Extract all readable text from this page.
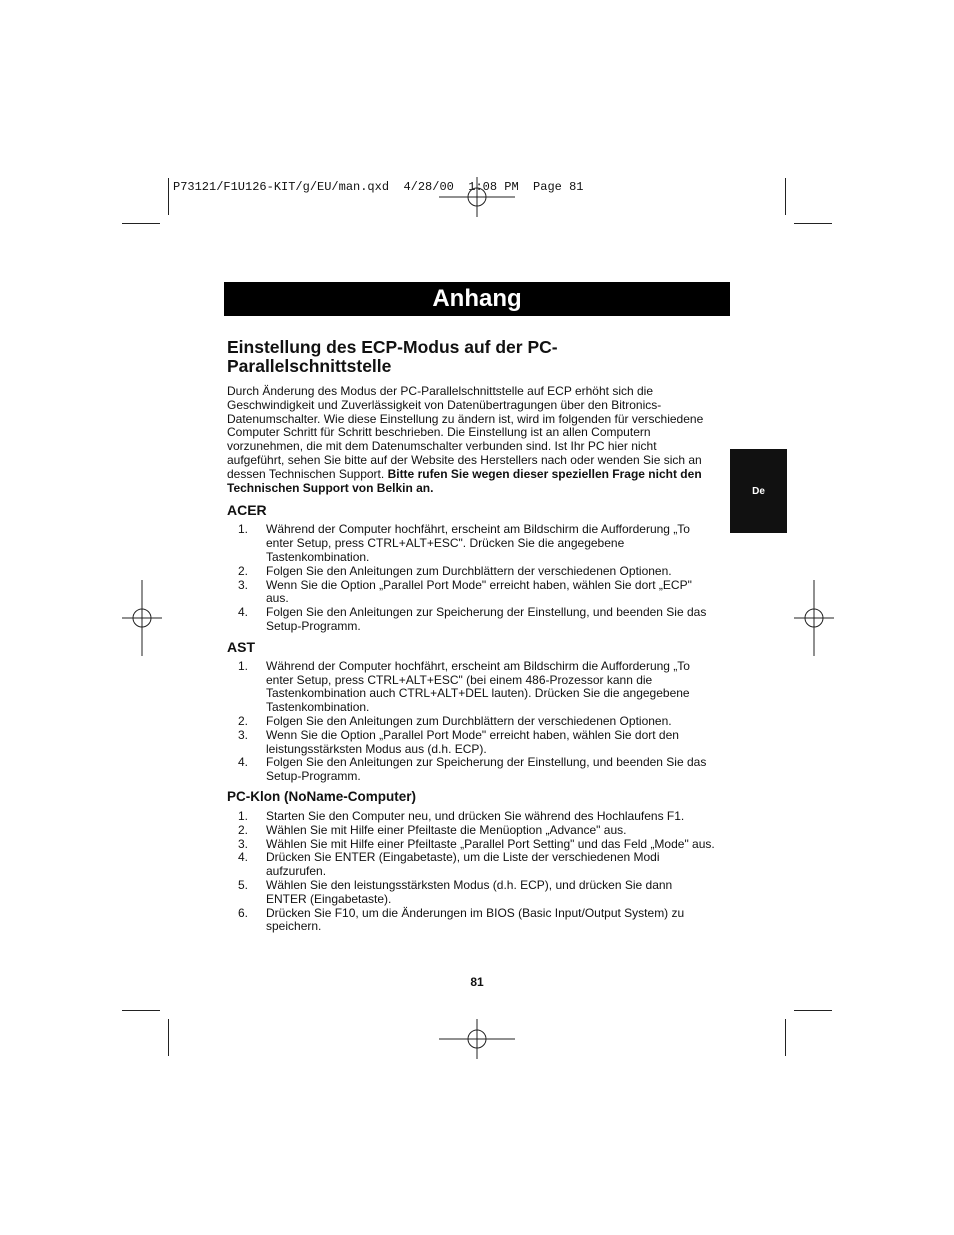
P73121/F1U126-KIT/g/EU/man.qxd  4/28/00  1:08 PM  Page 81
Anhang
De
Einstellung des ECP-Modus auf der PC-Parallelschnittstelle

Durch Änderung des Modus der PC-Parallelschnittstelle auf ECP erhöht sich die Geschwindigkeit und Zuverlässigkeit von Datenübertragungen über den Bitronics-Datenumschalter. Wie diese Einstellung zu ändern ist, wird im folgenden für verschiedene Computer Schritt für Schritt beschrieben. Die Einstellung ist an allen Computern vorzunehmen, die mit dem Datenumschalter verbunden sind. Ist Ihr PC hier nicht aufgeführt, sehen Sie bitte auf der Website des Herstellers nach oder wenden Sie sich an dessen Technischen Support. Bitte rufen Sie wegen dieser speziellen Frage nicht den Technischen Support von Belkin an.

ACER
1. Während der Computer hochfährt, erscheint am Bildschirm die Aufforderung „To enter Setup, press CTRL+ALT+ESC". Drücken Sie die angegebene Tastenkombination.
2. Folgen Sie den Anleitungen zum Durchblättern der verschiedenen Optionen.
3. Wenn Sie die Option „Parallel Port Mode" erreicht haben, wählen Sie dort „ECP" aus.
4. Folgen Sie den Anleitungen zur Speicherung der Einstellung, und beenden Sie das Setup-Programm.
AST
1. Während der Computer hochfährt, erscheint am Bildschirm die Aufforderung „To enter Setup, press CTRL+ALT+ESC" (bei einem 486-Prozessor kann die Tastenkombination auch CTRL+ALT+DEL lauten). Drücken Sie die angegebene Tastenkombination.
2. Folgen Sie den Anleitungen zum Durchblättern der verschiedenen Optionen.
3. Wenn Sie die Option „Parallel Port Mode" erreicht haben, wählen Sie dort den leistungsstärksten Modus aus (d.h. ECP).
4. Folgen Sie den Anleitungen zur Speicherung der Einstellung, und beenden Sie das Setup-Programm.
PC-Klon (NoName-Computer)
1. Starten Sie den Computer neu, und drücken Sie während des Hochlaufens F1.
2. Wählen Sie mit Hilfe einer Pfeiltaste die Menüoption „Advance" aus.
3. Wählen Sie mit Hilfe einer Pfeiltaste „Parallel Port Setting" und das Feld „Mode" aus.
4. Drücken Sie ENTER (Eingabetaste), um die Liste der verschiedenen Modi aufzurufen.
5. Wählen Sie den leistungsstärksten Modus (d.h. ECP), und drücken Sie dann ENTER (Eingabetaste).
6. Drücken Sie F10, um die Änderungen im BIOS (Basic Input/Output System) zu speichern.
81
